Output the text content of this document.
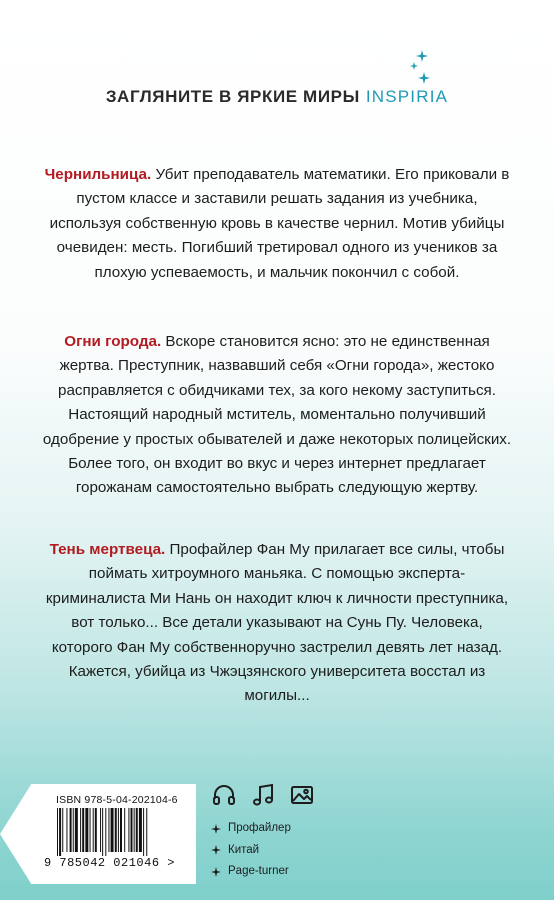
ЗАГЛЯНИТЕ В ЯРКИЕ МИРЫ INSPIRIA

Чернильница. Убит преподаватель математики. Его приковали в пустом классе и заставили решать задания из учебника, используя собственную кровь в качестве чернил. Мотив убийцы очевиден: месть. Погибший третировал одного из учеников за плохую успеваемость, и мальчик покончил с собой.

Огни города. Вскоре становится ясно: это не единственная жертва. Преступник, назвавший себя «Огни города», жестоко расправляется с обидчиками тех, за кого некому заступиться. Настоящий народный мститель, моментально получивший одобрение у простых обывателей и даже некоторых полицейских. Более того, он входит во вкус и через интернет предлагает горожанам самостоятельно выбрать следующую жертву.

Тень мертвеца. Профайлер Фан Му прилагает все силы, чтобы поймать хитроумного маньяка. С помощью эксперта-криминалиста Ми Нань он находит ключ к личности преступника, вот только... Все детали указывают на Сунь Пу. Человека, которого Фан Му собственноручно застрелил девять лет назад. Кажется, убийца из Чжэцзянского университета восстал из могилы...

ISBN 978-5-04-202104-6
9 785042 021046 >
Профайлер
Китай
Page-turner
